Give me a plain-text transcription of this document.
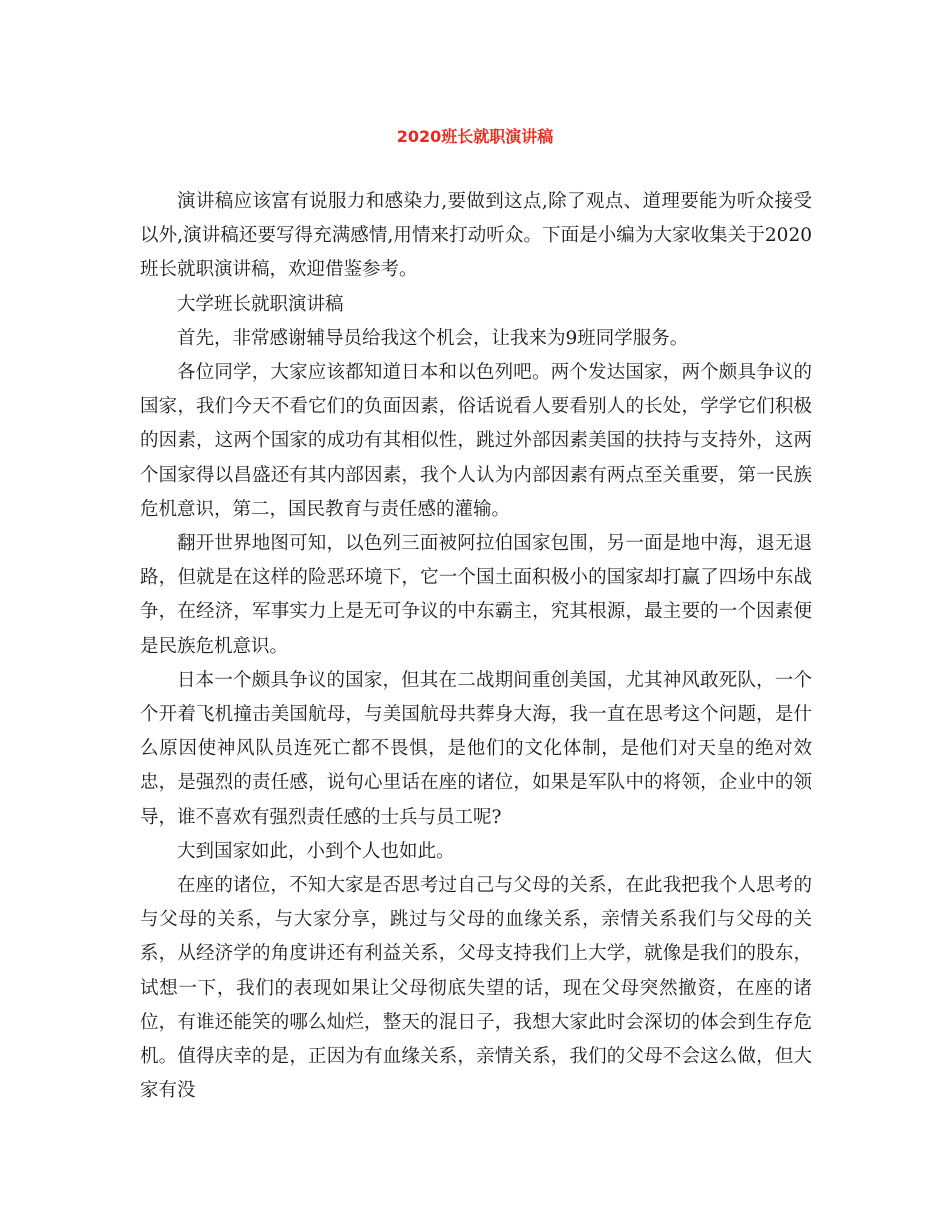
2020班长就职演讲稿

演讲稿应该富有说服力和感染力,要做到这点,除了观点、道理要能为听众接受以外,演讲稿还要写得充满感情,用情来打动听众。下面是小编为大家收集关于2020班长就职演讲稿，欢迎借鉴参考。

大学班长就职演讲稿

首先，非常感谢辅导员给我这个机会，让我来为9班同学服务。

各位同学，大家应该都知道日本和以色列吧。两个发达国家，两个颇具争议的国家，我们今天不看它们的负面因素，俗话说看人要看别人的长处，学学它们积极的因素，这两个国家的成功有其相似性，跳过外部因素美国的扶持与支持外，这两个国家得以昌盛还有其内部因素，我个人认为内部因素有两点至关重要，第一民族危机意识，第二，国民教育与责任感的灌输。

翻开世界地图可知，以色列三面被阿拉伯国家包围，另一面是地中海，退无退路，但就是在这样的险恶环境下，它一个国土面积极小的国家却打赢了四场中东战争，在经济，军事实力上是无可争议的中东霸主，究其根源，最主要的一个因素便是民族危机意识。

日本一个颇具争议的国家，但其在二战期间重创美国，尤其神风敢死队，一个个开着飞机撞击美国航母，与美国航母共葬身大海，我一直在思考这个问题，是什么原因使神风队员连死亡都不畏惧，是他们的文化体制，是他们对天皇的绝对效忠，是强烈的责任感，说句心里话在座的诸位，如果是军队中的将领，企业中的领导，谁不喜欢有强烈责任感的士兵与员工呢?

大到国家如此，小到个人也如此。

在座的诸位，不知大家是否思考过自己与父母的关系，在此我把我个人思考的与父母的关系，与大家分享，跳过与父母的血缘关系，亲情关系我们与父母的关系，从经济学的角度讲还有利益关系，父母支持我们上大学，就像是我们的股东，试想一下，我们的表现如果让父母彻底失望的话，现在父母突然撤资，在座的诸位，有谁还能笑的哪么灿烂，整天的混日子，我想大家此时会深切的体会到生存危机。值得庆幸的是，正因为有血缘关系，亲情关系，我们的父母不会这么做，但大家有没
